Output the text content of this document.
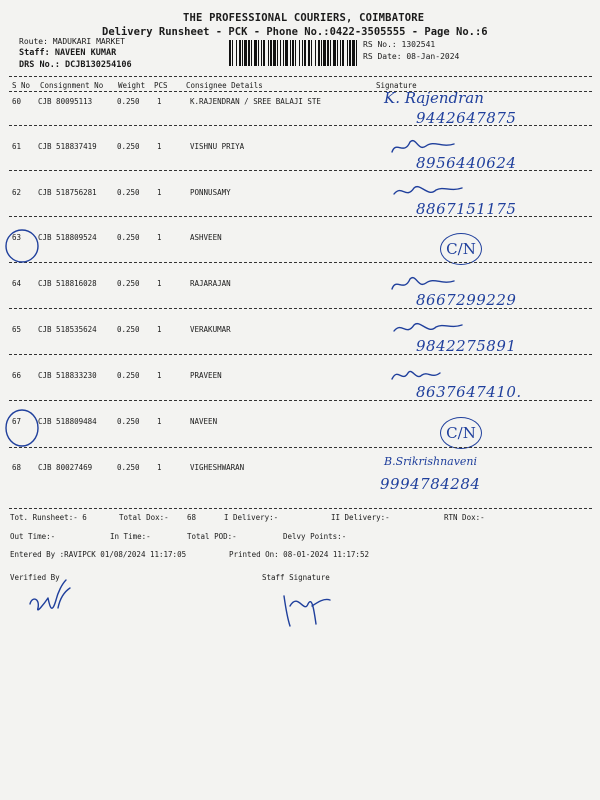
THE PROFESSIONAL COURIERS, COIMBATORE
Delivery Runsheet - PCK - Phone No.:0422-3505555 - Page No.:6
Route: MADUKARI MARKET
Staff: NAVEEN KUMAR
DRS No.: DCJB130254106
RS No.: 1302541
RS Date: 08-Jan-2024
S No Consignment No Weight PCS Consignee Details	Signature
60 CJB 80095113	0.250 1	K.RAJENDRAN / SREE BALAJI STE	K. Rajendran
9442647875
61 CJB 518837419	0.250 1	VISHNU PRIYA
8956440624
62 CJB 518756281	0.250 1	PONNUSAMY
8867151175
63 CJB 518809524	0.250 1	ASHVEEN
C/N
64 CJB 518816028	0.250 1	RAJARAJAN
8667299229
65 CJB 518535624	0.250 1	VERAKUMAR
9842275891
66 CJB 518833230	0.250 1	PRAVEEN
8637647410.
67 CJB 518809484	0.250 1	NAVEEN
C/N
68 CJB 80027469	0.250 1	VIGHESHWARAN	B.Srikrishnaveni
9994784284
Tot. Runsheet:- 6	Total Dox:- 68	I Delivery:-	II Delivery:-	RTN Dox:-
Out Time:-	In Time:-	Total POD:-	Delvy Points:-
Entered By :RAVIPCK 01/08/2024 11:17:05	Printed On: 08-01-2024 11:17:52
Verified By	Staff Signature
